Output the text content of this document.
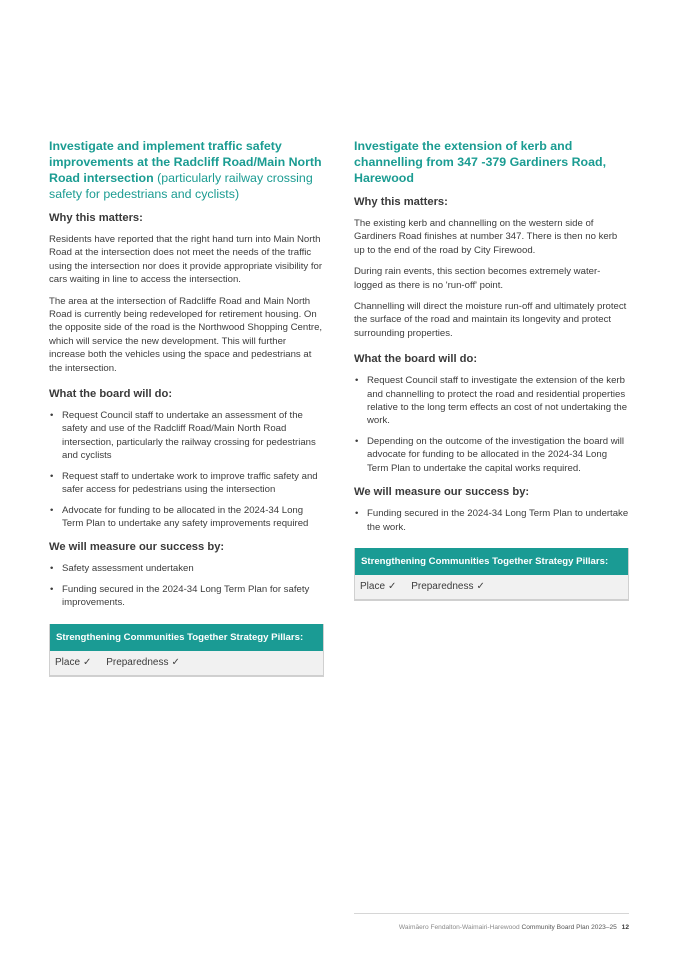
Investigate and implement traffic safety improvements at the Radcliff Road/Main North Road intersection (particularly railway crossing safety for pedestrians and cyclists)
Why this matters:

Residents have reported that the right hand turn into Main North Road at the intersection does not meet the needs of the traffic using the intersection nor does it provide appropriate visibility for cars waiting in line to access the intersection.

The area at the intersection of Radcliffe Road and Main North Road is currently being redeveloped for retirement housing. On the opposite side of the road is the Northwood Shopping Centre, which will service the new development. This will further increase both the vehicles using the space and pedestrians at the intersection.

What the board will do:
• Request Council staff to undertake an assessment of the safety and use of the Radcliff Road/Main North Road intersection, particularly the railway crossing for pedestrians and cyclists
• Request staff to undertake work to improve traffic safety and safer access for pedestrians using the intersection
• Advocate for funding to be allocated in the 2024-34 Long Term Plan to undertake any safety improvements required
We will measure our success by:
• Safety assessment undertaken
• Funding secured in the 2024-34 Long Term Plan for safety improvements.
Strengthening Communities Together Strategy Pillars:
Place ✓ Preparedness ✓
Investigate the extension of kerb and channelling from 347 -379 Gardiners Road, Harewood
Why this matters:

The existing kerb and channelling on the western side of Gardiners Road finishes at number 347. There is then no kerb up to the end of the road by City Firewood.

During rain events, this section becomes extremely water-logged as there is no 'run-off' point.

Channelling will direct the moisture run-off and ultimately protect the surface of the road and maintain its longevity and protect surrounding properties.

What the board will do:
• Request Council staff to investigate the extension of the kerb and channelling to protect the road and residential properties relative to the long term effects an cost of not undertaking the work.
• Depending on the outcome of the investigation the board will advocate for funding to be allocated in the 2024-34 Long Term Plan to undertake the capital works required.
We will measure our success by:
• Funding secured in the 2024-34 Long Term Plan to undertake the work.
Strengthening Communities Together Strategy Pillars:
Place ✓ Preparedness ✓
Waimāero Fendalton-Waimairi-Harewood Community Board Plan 2023–25 12
